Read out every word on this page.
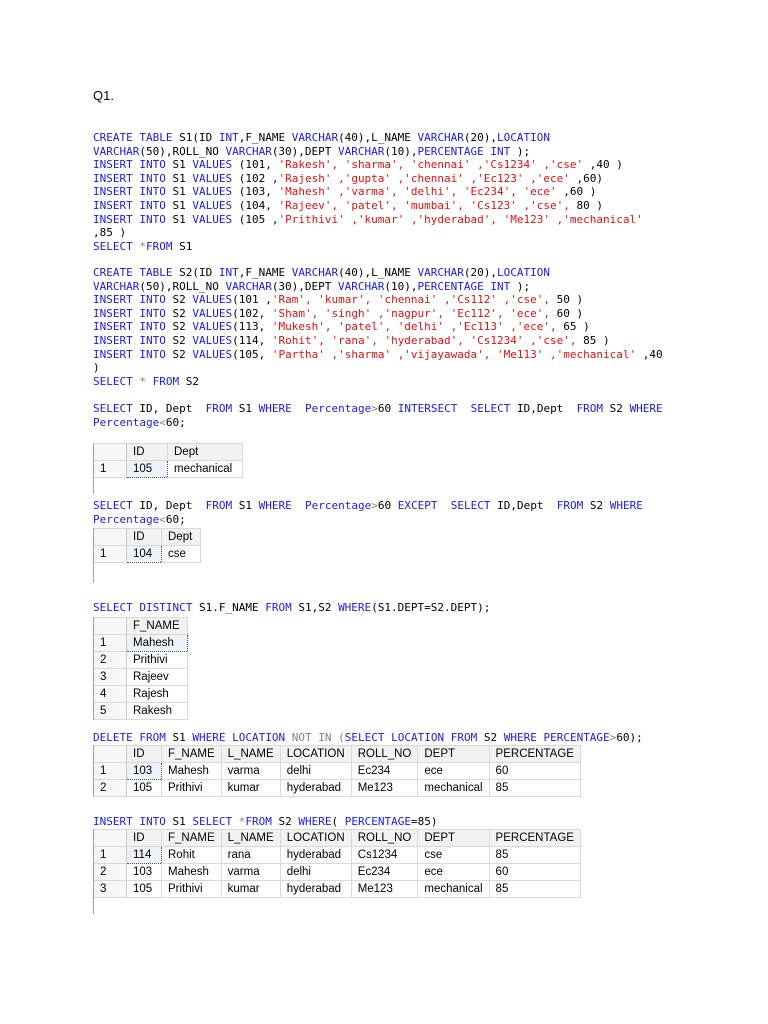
Q1.
CREATE TABLE S1(ID INT,F_NAME VARCHAR(40),L_NAME VARCHAR(20),LOCATION
VARCHAR(50),ROLL_NO VARCHAR(30),DEPT VARCHAR(10),PERCENTAGE INT );
INSERT INTO S1 VALUES (101, 'Rakesh', 'sharma', 'chennai' ,'Cs1234' ,'cse' ,40 )
INSERT INTO S1 VALUES (102 ,'Rajesh' ,'gupta' ,'chennai' ,'Ec123' ,'ece' ,60)
INSERT INTO S1 VALUES (103, 'Mahesh' ,'varma', 'delhi', 'Ec234', 'ece' ,60 )
INSERT INTO S1 VALUES (104, 'Rajeev', 'patel', 'mumbai', 'Cs123' ,'cse', 80 )
INSERT INTO S1 VALUES (105 ,'Prithivi' ,'kumar' ,'hyderabad', 'Me123' ,'mechanical'
,85 )
SELECT *FROM S1
CREATE TABLE S2(ID INT,F_NAME VARCHAR(40),L_NAME VARCHAR(20),LOCATION
VARCHAR(50),ROLL_NO VARCHAR(30),DEPT VARCHAR(10),PERCENTAGE INT );
INSERT INTO S2 VALUES(101 ,'Ram', 'kumar', 'chennai' ,'Cs112' ,'cse', 50 )
INSERT INTO S2 VALUES(102, 'Sham', 'singh' ,'nagpur', 'Ec112', 'ece', 60 )
INSERT INTO S2 VALUES(113, 'Mukesh', 'patel', 'delhi' ,'Ec113' ,'ece', 65 )
INSERT INTO S2 VALUES(114, 'Rohit', 'rana', 'hyderabad', 'Cs1234' ,'cse', 85 )
INSERT INTO S2 VALUES(105, 'Partha' ,'sharma' ,'vijayawada', 'Me113' ,'mechanical' ,40
)
SELECT * FROM S2
SELECT ID, Dept  FROM S1 WHERE Percentage>60 INTERSECT SELECT ID,Dept  FROM S2 WHERE
Percentage<60;
	ID	Dept
1	105	mechanical

SELECT ID, Dept  FROM S1 WHERE Percentage>60 EXCEPT SELECT ID,Dept  FROM S2 WHERE
Percentage<60;
	ID	Dept
1	104	cse

SELECT DISTINCT S1.F_NAME FROM S1,S2 WHERE(S1.DEPT=S2.DEPT);
	F_NAME
1	Mahesh
2	Prithivi
3	Rajeev
4	Rajesh
5	Rakesh
DELETE FROM S1 WHERE LOCATION NOT IN (SELECT LOCATION FROM S2 WHERE PERCENTAGE>60);
	ID	F_NAME	L_NAME	LOCATION	ROLL_NO	DEPT	PERCENTAGE
1	103	Mahesh	varma	delhi	Ec234	ece	60
2	105	Prithivi	kumar	hyderabad	Me123	mechanical	85
INSERT INTO S1 SELECT *FROM S2 WHERE( PERCENTAGE=85)
	ID	F_NAME	L_NAME	LOCATION	ROLL_NO	DEPT	PERCENTAGE
1	114	Rohit	rana	hyderabad	Cs1234	cse	85
2	103	Mahesh	varma	delhi	Ec234	ece	60
3	105	Prithivi	kumar	hyderabad	Me123	mechanical	85
